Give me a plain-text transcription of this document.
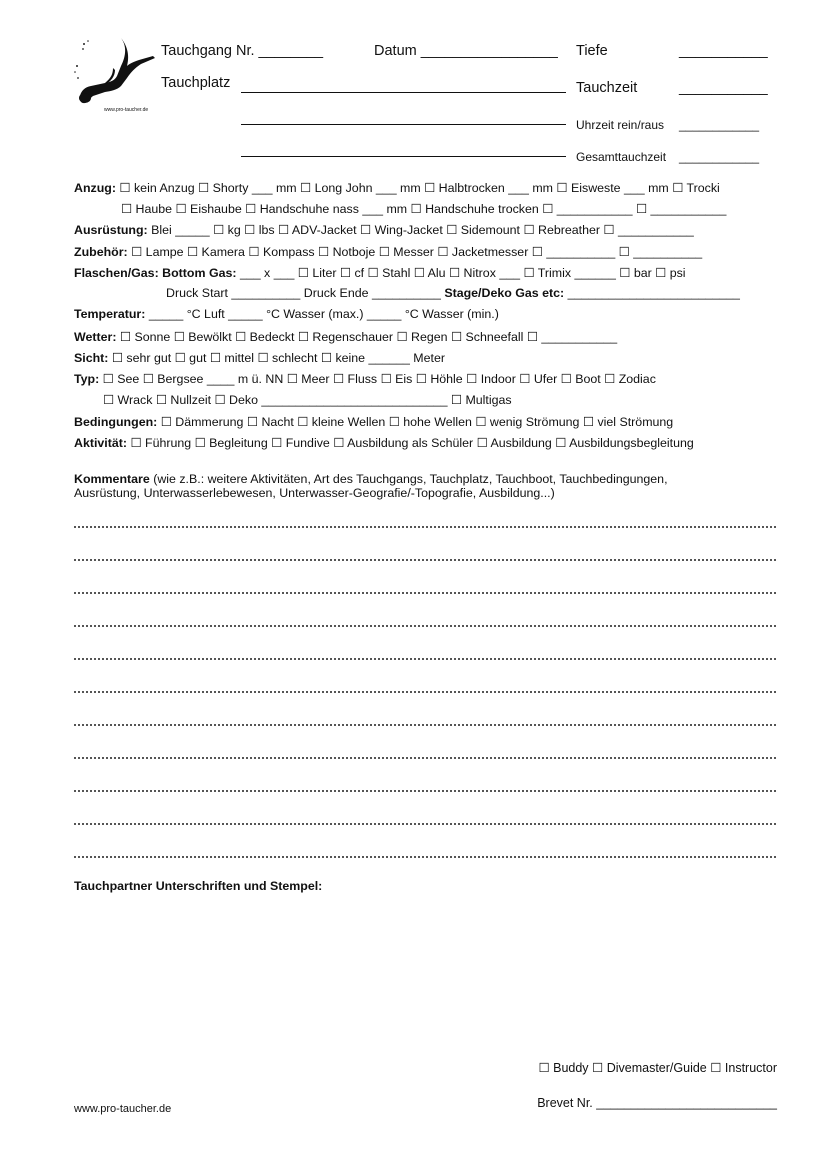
www.pro-taucher.de
Tauchgang Nr. ________	Datum _________________ Tiefe	___________
Tauchplatz	Tauchzeit	___________
Uhrzeit rein/raus ____________
Gesamttauchzeit ____________
Anzug: ☐ kein Anzug ☐ Shorty ___ mm ☐ Long John ___ mm ☐ Halbtrocken ___ mm ☐ Eisweste ___ mm ☐ Trocki
☐ Haube ☐ Eishaube ☐ Handschuhe nass ___ mm ☐ Handschuhe trocken ☐ ___________ ☐ ___________
Ausrüstung: Blei _____ ☐ kg ☐ lbs ☐ ADV-Jacket ☐ Wing-Jacket ☐ Sidemount ☐ Rebreather ☐ ___________
Zubehör: ☐ Lampe ☐ Kamera ☐ Kompass ☐ Notboje ☐ Messer ☐ Jacketmesser ☐ __________ ☐ __________
Flaschen/Gas: Bottom Gas: ___ x ___ ☐ Liter ☐ cf ☐ Stahl ☐ Alu ☐ Nitrox ___ ☐ Trimix ______ ☐ bar ☐ psi
Druck Start __________ Druck Ende __________ Stage/Deko Gas etc: _________________________
Temperatur: _____ °C Luft _____ °C Wasser (max.) _____ °C Wasser (min.)
Wetter: ☐ Sonne ☐ Bewölkt ☐ Bedeckt ☐ Regenschauer ☐ Regen ☐ Schneefall ☐ ___________
Sicht: ☐ sehr gut ☐ gut ☐ mittel ☐ schlecht ☐ keine ______ Meter
Typ: ☐ See ☐ Bergsee ____ m ü. NN ☐ Meer ☐ Fluss ☐ Eis ☐ Höhle ☐ Indoor ☐ Ufer ☐ Boot ☐ Zodiac
☐ Wrack ☐ Nullzeit ☐ Deko ___________________________ ☐ Multigas
Bedingungen: ☐ Dämmerung ☐ Nacht ☐ kleine Wellen ☐ hohe Wellen ☐ wenig Strömung ☐ viel Strömung
Aktivität: ☐ Führung ☐ Begleitung ☐ Fundive ☐ Ausbildung als Schüler ☐ Ausbildung ☐ Ausbildungsbegleitung
Kommentare (wie z.B.: weitere Aktivitäten, Art des Tauchgangs, Tauchplatz, Tauchboot, Tauchbedingungen,
Ausrüstung, Unterwasserlebewesen, Unterwasser-Geografie/-Topografie, Ausbildung...)
Tauchpartner Unterschriften und Stempel:
☐ Buddy ☐ Divemaster/Guide ☐ Instructor
Brevet Nr. __________________________
www.pro-taucher.de
